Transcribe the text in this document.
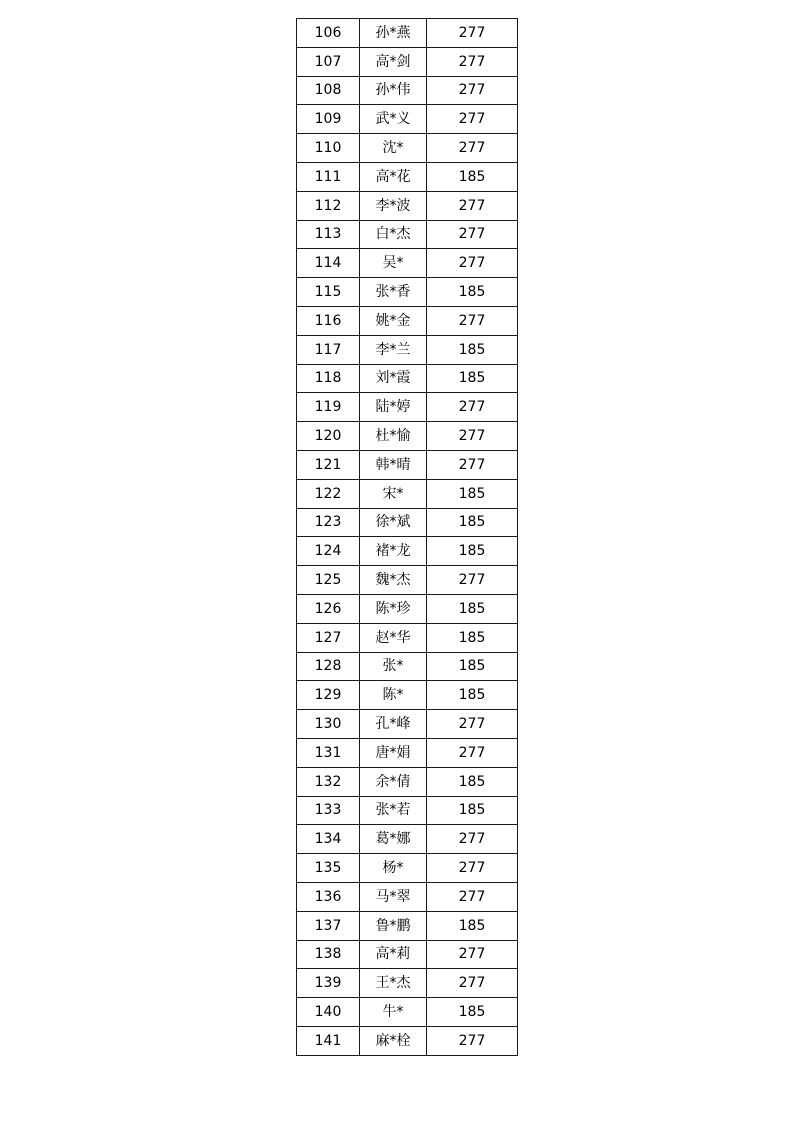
106	孙*燕	277
107	高*剑	277
108	孙*伟	277
109	武*义	277
110	沈*	277
111	高*花	185
112	李*波	277
113	白*杰	277
114	吴*	277
115	张*香	185
116	姚*金	277
117	李*兰	185
118	刘*霞	185
119	陆*婷	277
120	杜*愉	277
121	韩*晴	277
122	宋*	185
123	徐*斌	185
124	褚*龙	185
125	魏*杰	277
126	陈*珍	185
127	赵*华	185
128	张*	185
129	陈*	185
130	孔*峰	277
131	唐*娟	277
132	余*倩	185
133	张*若	185
134	葛*娜	277
135	杨*	277
136	马*翠	277
137	鲁*鹏	185
138	高*莉	277
139	王*杰	277
140	牛*	185
141	麻*栓	277
